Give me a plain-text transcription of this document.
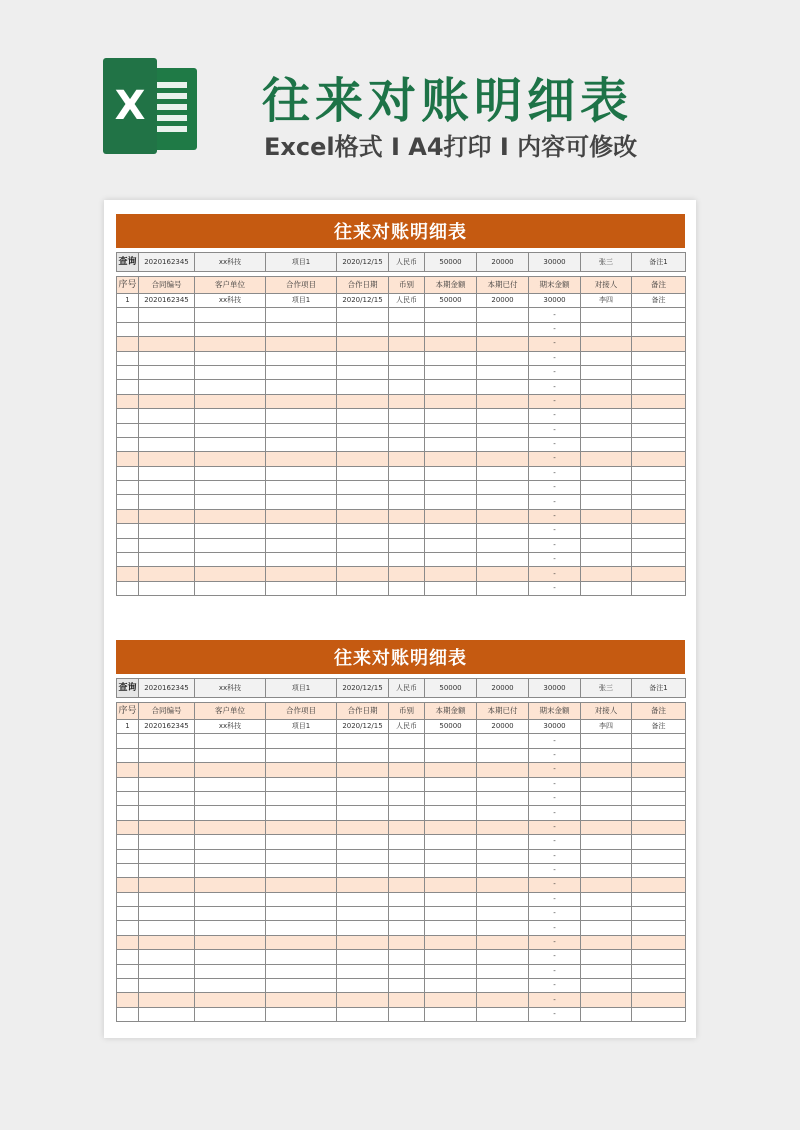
X 往来对账明细表
Excel格式 I A4打印 I 内容可修改
往来对账明细表
查询	2020162345	xx科技	项目1	2020/12/15	人民币	50000	20000	30000	张三	备注1

序号	合同编号	客户单位	合作项目	合作日期	币别	本期金额	本期已付	期末金额	对接人	备注
1	2020162345	xx科技	项目1	2020/12/15	人民币	50000	20000	30000	李四	备注
								-		
								-		
								-		
								-		
								-		
								-		
								-		
								-		
								-		
								-		
								-		
								-		
								-		
								-		
								-		
								-		
								-		
								-		
								-		
								-		
往来对账明细表
查询	2020162345	xx科技	项目1	2020/12/15	人民币	50000	20000	30000	张三	备注1

序号	合同编号	客户单位	合作项目	合作日期	币别	本期金额	本期已付	期末金额	对接人	备注
1	2020162345	xx科技	项目1	2020/12/15	人民币	50000	20000	30000	李四	备注
								-		
								-		
								-		
								-		
								-		
								-		
								-		
								-		
								-		
								-		
								-		
								-		
								-		
								-		
								-		
								-		
								-		
								-		
								-		
								-		
